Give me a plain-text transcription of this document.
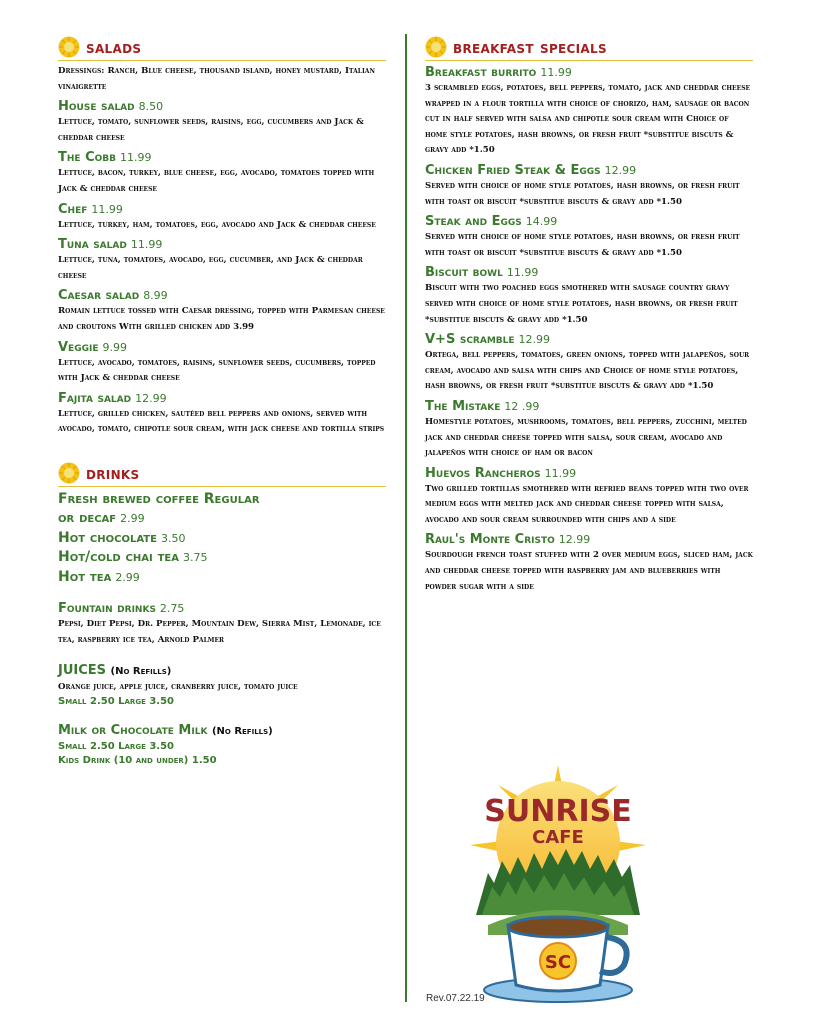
salads
Dressings: Ranch, Blue cheese, thousand island, honey mustard, Italian vinaigrette
House salad 8.50
Lettuce, tomato, sunflower seeds, raisins, egg, cucumbers and Jack & cheddar cheese
The Cobb 11.99
Lettuce, bacon, turkey, blue cheese, egg, avocado, tomatoes topped with Jack & cheddar cheese
Chef 11.99
Lettuce, turkey, ham, tomatoes, egg, avocado and Jack & cheddar cheese
Tuna salad 11.99
Lettuce, tuna, tomatoes, avocado, egg, cucumber, and Jack & cheddar cheese
Caesar salad 8.99
Romain lettuce tossed with Caesar dressing, topped with Parmesan cheese and croutons With grilled chicken add 3.99
Veggie 9.99
Lettuce, avocado, tomatoes, raisins, sunflower seeds, cucumbers, topped with Jack & cheddar cheese
Fajita salad 12.99
Lettuce, grilled chicken, sautéed bell peppers and onions, served with avocado, tomato, chipotle sour cream, with jack cheese and tortilla strips
drinks
Fresh brewed coffee Regular
or decaf 2.99
Hot chocolate 3.50
Hot/cold chai tea 3.75
Hot tea 2.99
Fountain drinks 2.75
Pepsi, Diet Pepsi, Dr. Pepper, Mountain Dew, Sierra Mist, Lemonade, ice tea, raspberry ice tea, Arnold Palmer
JUICES (No Refills)
Orange juice, apple juice, cranberry juice, tomato juice
Small 2.50 Large 3.50
Milk or Chocolate Milk (No Refills)
Small 2.50 Large 3.50
Kids Drink (10 and under) 1.50
breakfast specials
Breakfast burrito 11.99
3 scrambled eggs, potatoes, bell peppers, tomato, jack and cheddar cheese wrapped in a flour tortilla with choice of chorizo, ham, sausage or bacon cut in half served with salsa and chipotle sour cream with Choice of home style potatoes, hash browns, or fresh fruit *substitue biscuts & gravy add *1.50
Chicken Fried Steak & Eggs 12.99
Served with choice of home style potatoes, hash browns, or fresh fruit with toast or biscuit *substitue biscuts & gravy add *1.50
Steak and Eggs 14.99
Served with choice of home style potatoes, hash browns, or fresh fruit with toast or biscuit *substitue biscuts & gravy add *1.50
Biscuit bowl 11.99
Biscuit with two poached eggs smothered with sausage country gravy served with choice of home style potatoes, hash browns, or fresh fruit *substitue biscuts & gravy add *1.50
V+S scramble 12.99
Ortega, bell peppers, tomatoes, green onions, topped with jalapeños, sour cream, avocado and salsa with chips and Choice of home style potatoes, hash browns, or fresh fruit *substitue biscuts & gravy add *1.50
The Mistake 12 .99
Homestyle potatoes, mushrooms, tomatoes, bell peppers, zucchini, melted jack and cheddar cheese topped with salsa, sour cream, avocado and jalapeños with choice of ham or bacon
Huevos Rancheros 11.99
Two grilled tortillas smothered with refried beans topped with two over medium eggs with melted jack and cheddar cheese topped with salsa, avocado and sour cream surrounded with chips and a side
Raul's Monte Cristo 12.99
Sourdough french toast stuffed with 2 over medium eggs, sliced ham, jack and cheddar cheese topped with raspberry jam and blueberries with powder sugar with a side
SUNRISE
CAFE
SC
Rev.07.22.19
